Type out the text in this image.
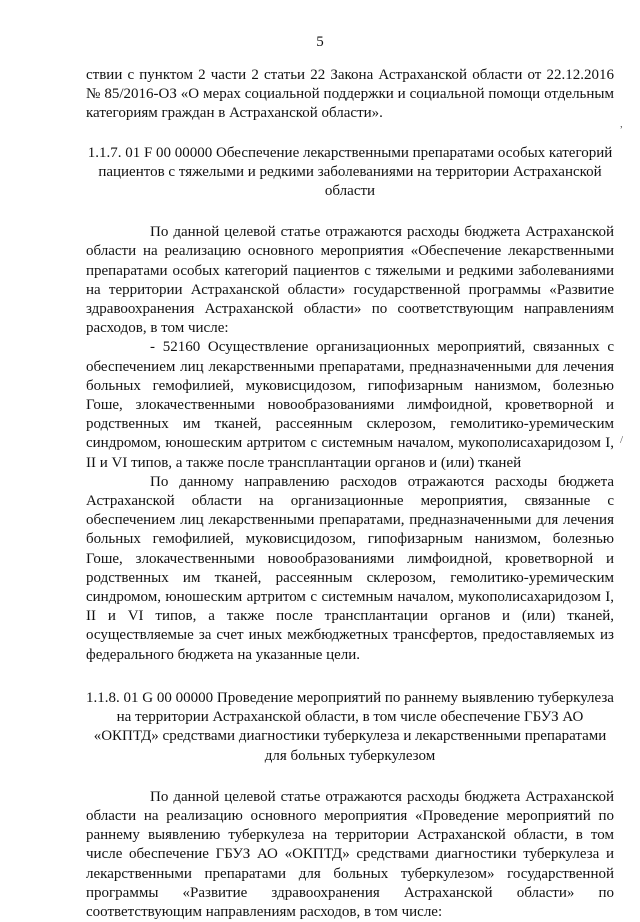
5

ствии с пунктом 2 части 2 статьи 22 Закона Астраханской области от 22.12.2016 № 85/2016-ОЗ «О мерах социальной поддержки и социальной помощи отдельным категориям граждан в Астраханской области».

1.1.7. 01 F 00 00000 Обеспечение лекарственными препаратами особых категорий пациентов с тяжелыми и редкими заболеваниями на территории Астраханской области

По данной целевой статье отражаются расходы бюджета Астраханской области на реализацию основного мероприятия «Обеспечение лекарственными препаратами особых категорий пациентов с тяжелыми и редкими заболеваниями на территории Астраханской области» государственной программы «Развитие здравоохранения Астраханской области» по соответствующим направлениям расходов, в том числе:

- 52160 Осуществление организационных мероприятий, связанных с обеспечением лиц лекарственными препаратами, предназначенными для лечения больных гемофилией, муковисцидозом, гипофизарным нанизмом, болезнью Гоше, злокачественными новообразованиями лимфоидной, кроветворной и родственных им тканей, рассеянным склерозом, гемолитико-уремическим синдромом, юношеским артритом с системным началом, мукополисахаридозом I, II и VI типов, а также после трансплантации органов и (или) тканей

По данному направлению расходов отражаются расходы бюджета Астраханской области на организационные мероприятия, связанные с обеспечением лиц лекарственными препаратами, предназначенными для лечения больных гемофилией, муковисцидозом, гипофизарным нанизмом, болезнью Гоше, злокачественными новообразованиями лимфоидной, кроветворной и родственных им тканей, рассеянным склерозом, гемолитико-уремическим синдромом, юношеским артритом с системным началом, мукополисахаридозом I, II и VI типов, а также после трансплантации органов и (или) тканей, осуществляемые за счет иных межбюджетных трансфертов, предоставляемых из федерального бюджета на указанные цели.

1.1.8. 01 G 00 00000 Проведение мероприятий по раннему выявлению туберкулеза на территории Астраханской области, в том числе обеспечение ГБУЗ АО «ОКПТД» средствами диагностики туберкулеза и лекарственными препаратами для больных туберкулезом

По данной целевой статье отражаются расходы бюджета Астраханской области на реализацию основного мероприятия «Проведение мероприятий по раннему выявлению туберкулеза на территории Астраханской области, в том числе обеспечение ГБУЗ АО «ОКПТД» средствами диагностики туберкулеза и лекарственными препаратами для больных туберкулезом» государственной программы «Развитие здравоохранения Астраханской области» по соответствующим направлениям расходов, в том числе:

,
/
